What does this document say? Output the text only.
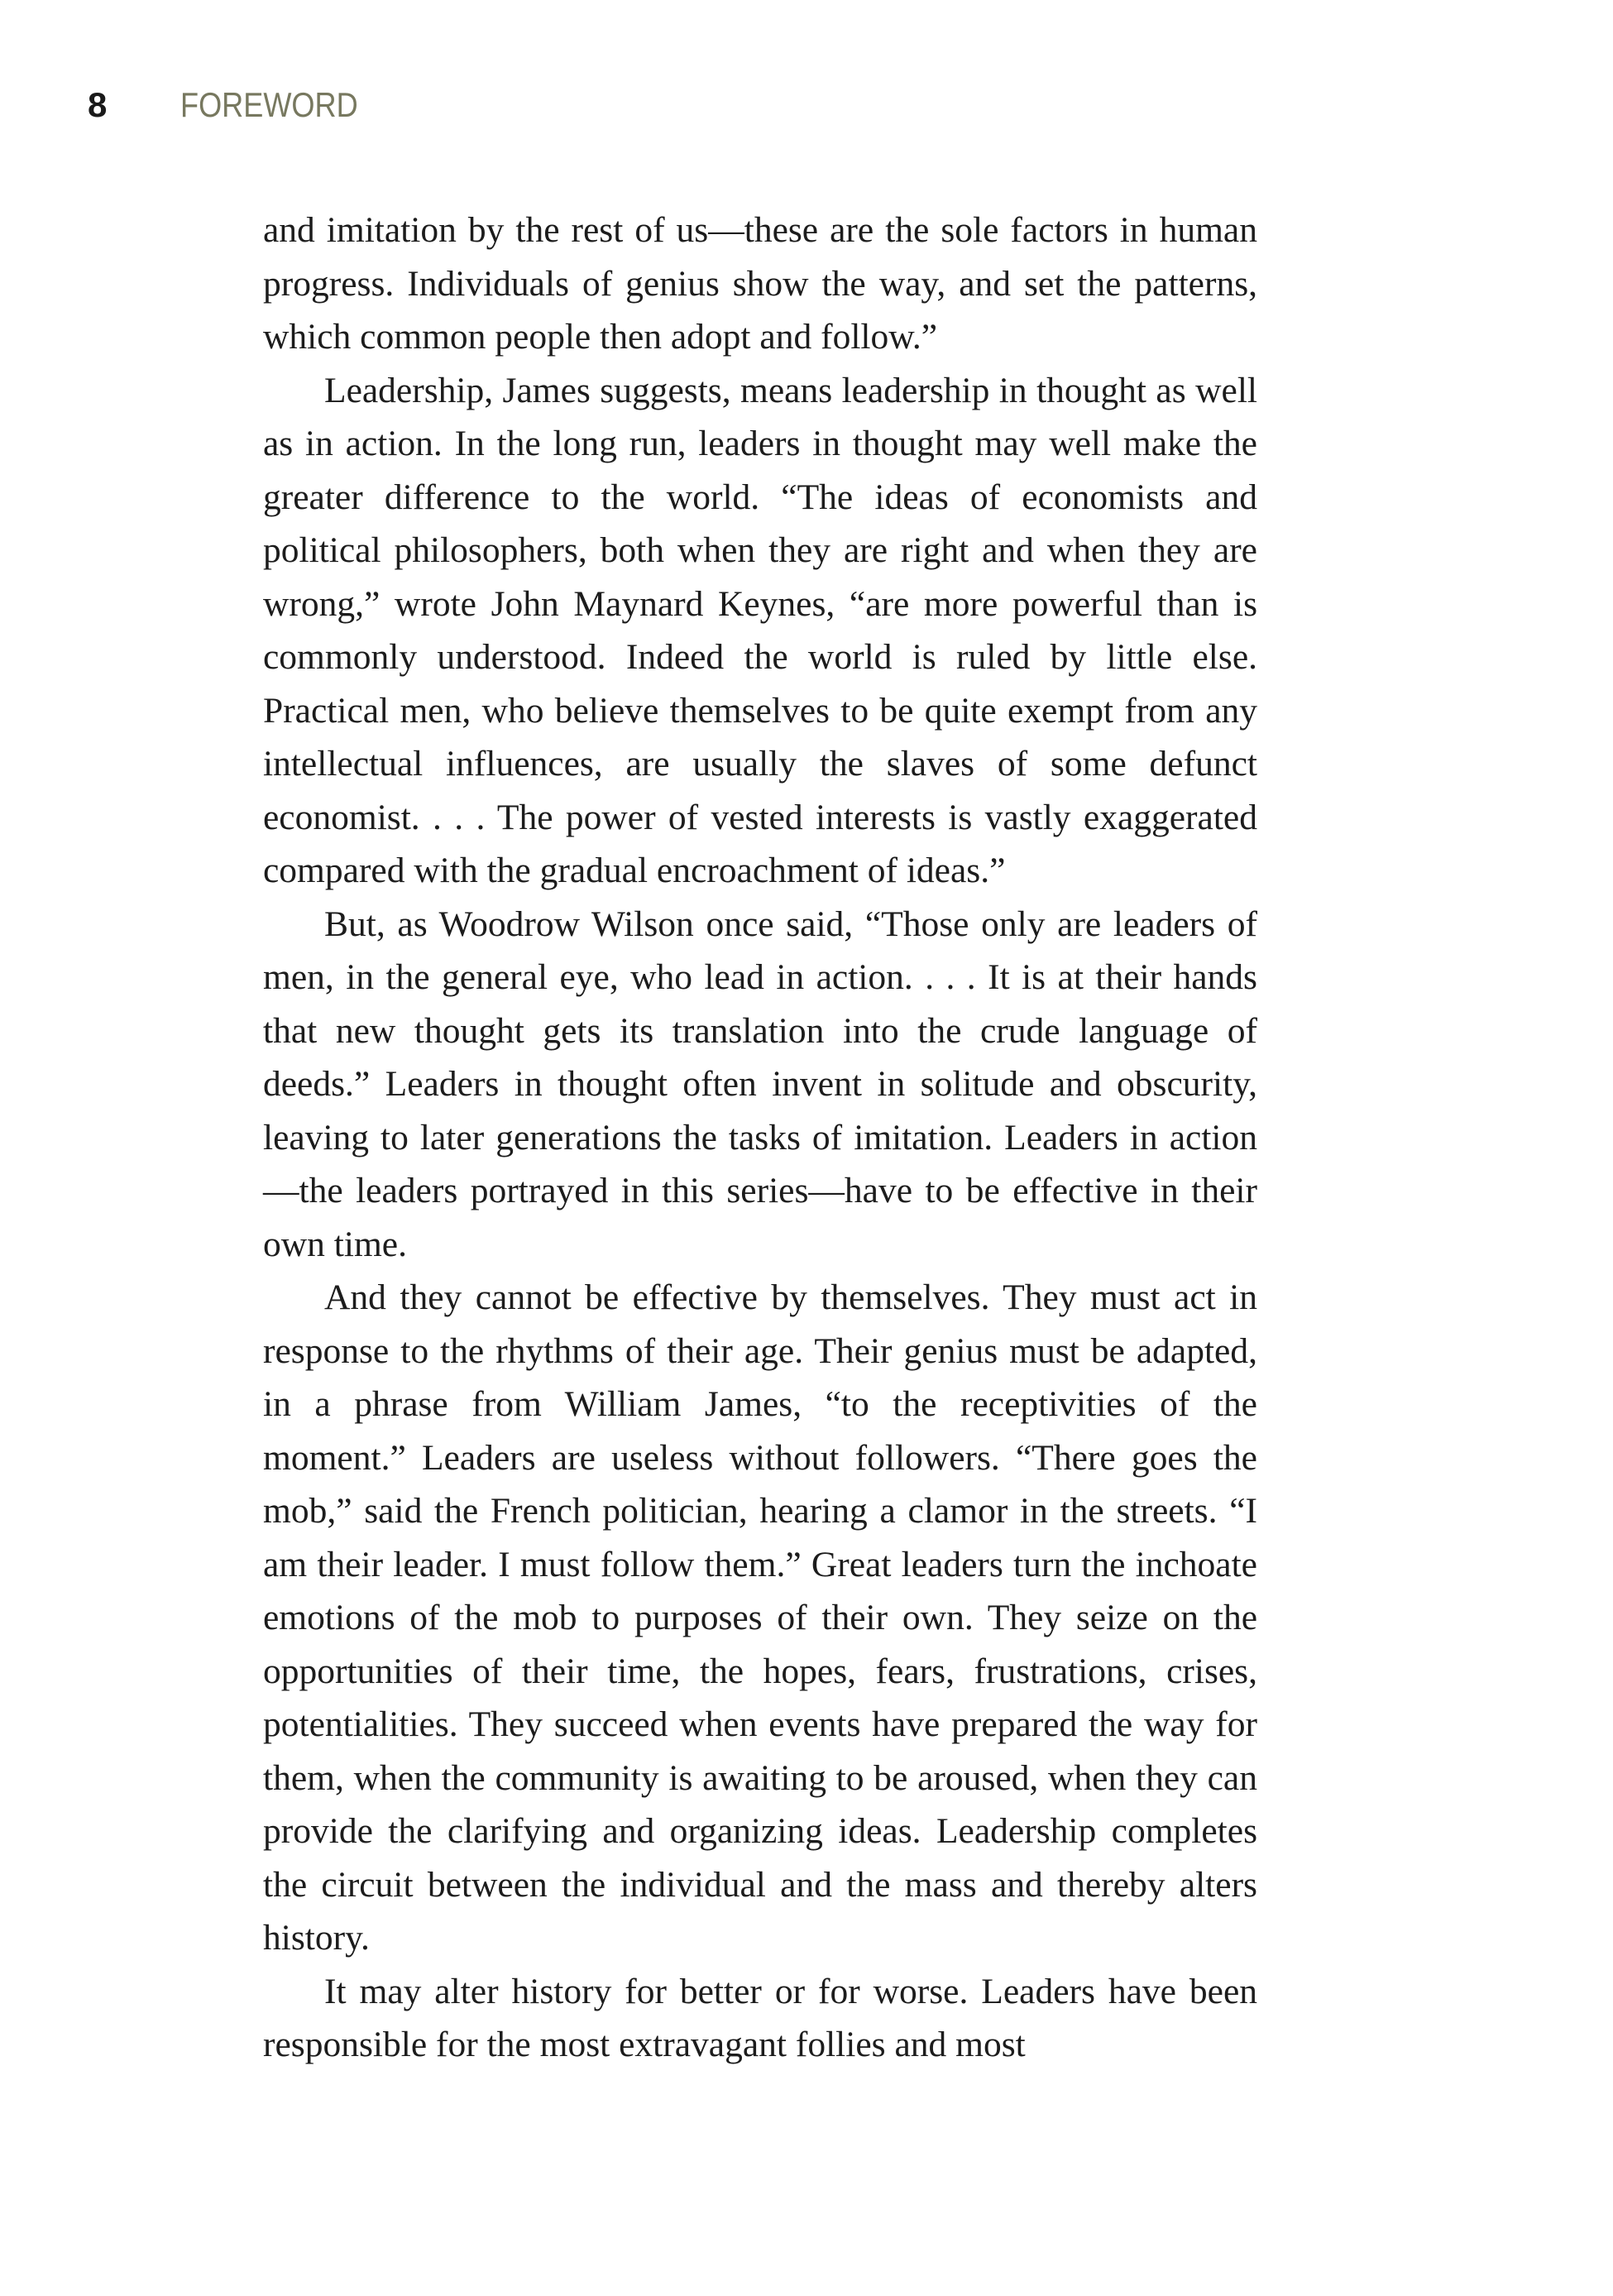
8 FOREWORD

and imitation by the rest of us—these are the sole factors in human progress. Individuals of genius show the way, and set the patterns, which common people then adopt and follow.”

Leadership, James suggests, means leadership in thought as well as in action. In the long run, leaders in thought may well make the greater difference to the world. “The ideas of economists and political philosophers, both when they are right and when they are wrong,” wrote John Maynard Keynes, “are more powerful than is commonly understood. Indeed the world is ruled by little else. Practical men, who believe themselves to be quite exempt from any intellectual influences, are usually the slaves of some defunct economist. . . . The power of vested interests is vastly exaggerated compared with the gradual encroachment of ideas.”

But, as Woodrow Wilson once said, “Those only are leaders of men, in the general eye, who lead in action. . . . It is at their hands that new thought gets its translation into the crude language of deeds.” Leaders in thought often invent in solitude and obscurity, leaving to later generations the tasks of imitation. Leaders in action—the leaders portrayed in this series—have to be effective in their own time.

And they cannot be effective by themselves. They must act in response to the rhythms of their age. Their genius must be adapted, in a phrase from William James, “to the receptivities of the moment.” Leaders are useless without followers. “There goes the mob,” said the French politician, hearing a clamor in the streets. “I am their leader. I must follow them.” Great leaders turn the inchoate emotions of the mob to purposes of their own. They seize on the opportunities of their time, the hopes, fears, frustrations, crises, potentialities. They succeed when events have prepared the way for them, when the community is awaiting to be aroused, when they can provide the clarifying and organizing ideas. Leadership completes the circuit between the individual and the mass and thereby alters history.

It may alter history for better or for worse. Leaders have been responsible for the most extravagant follies and most
